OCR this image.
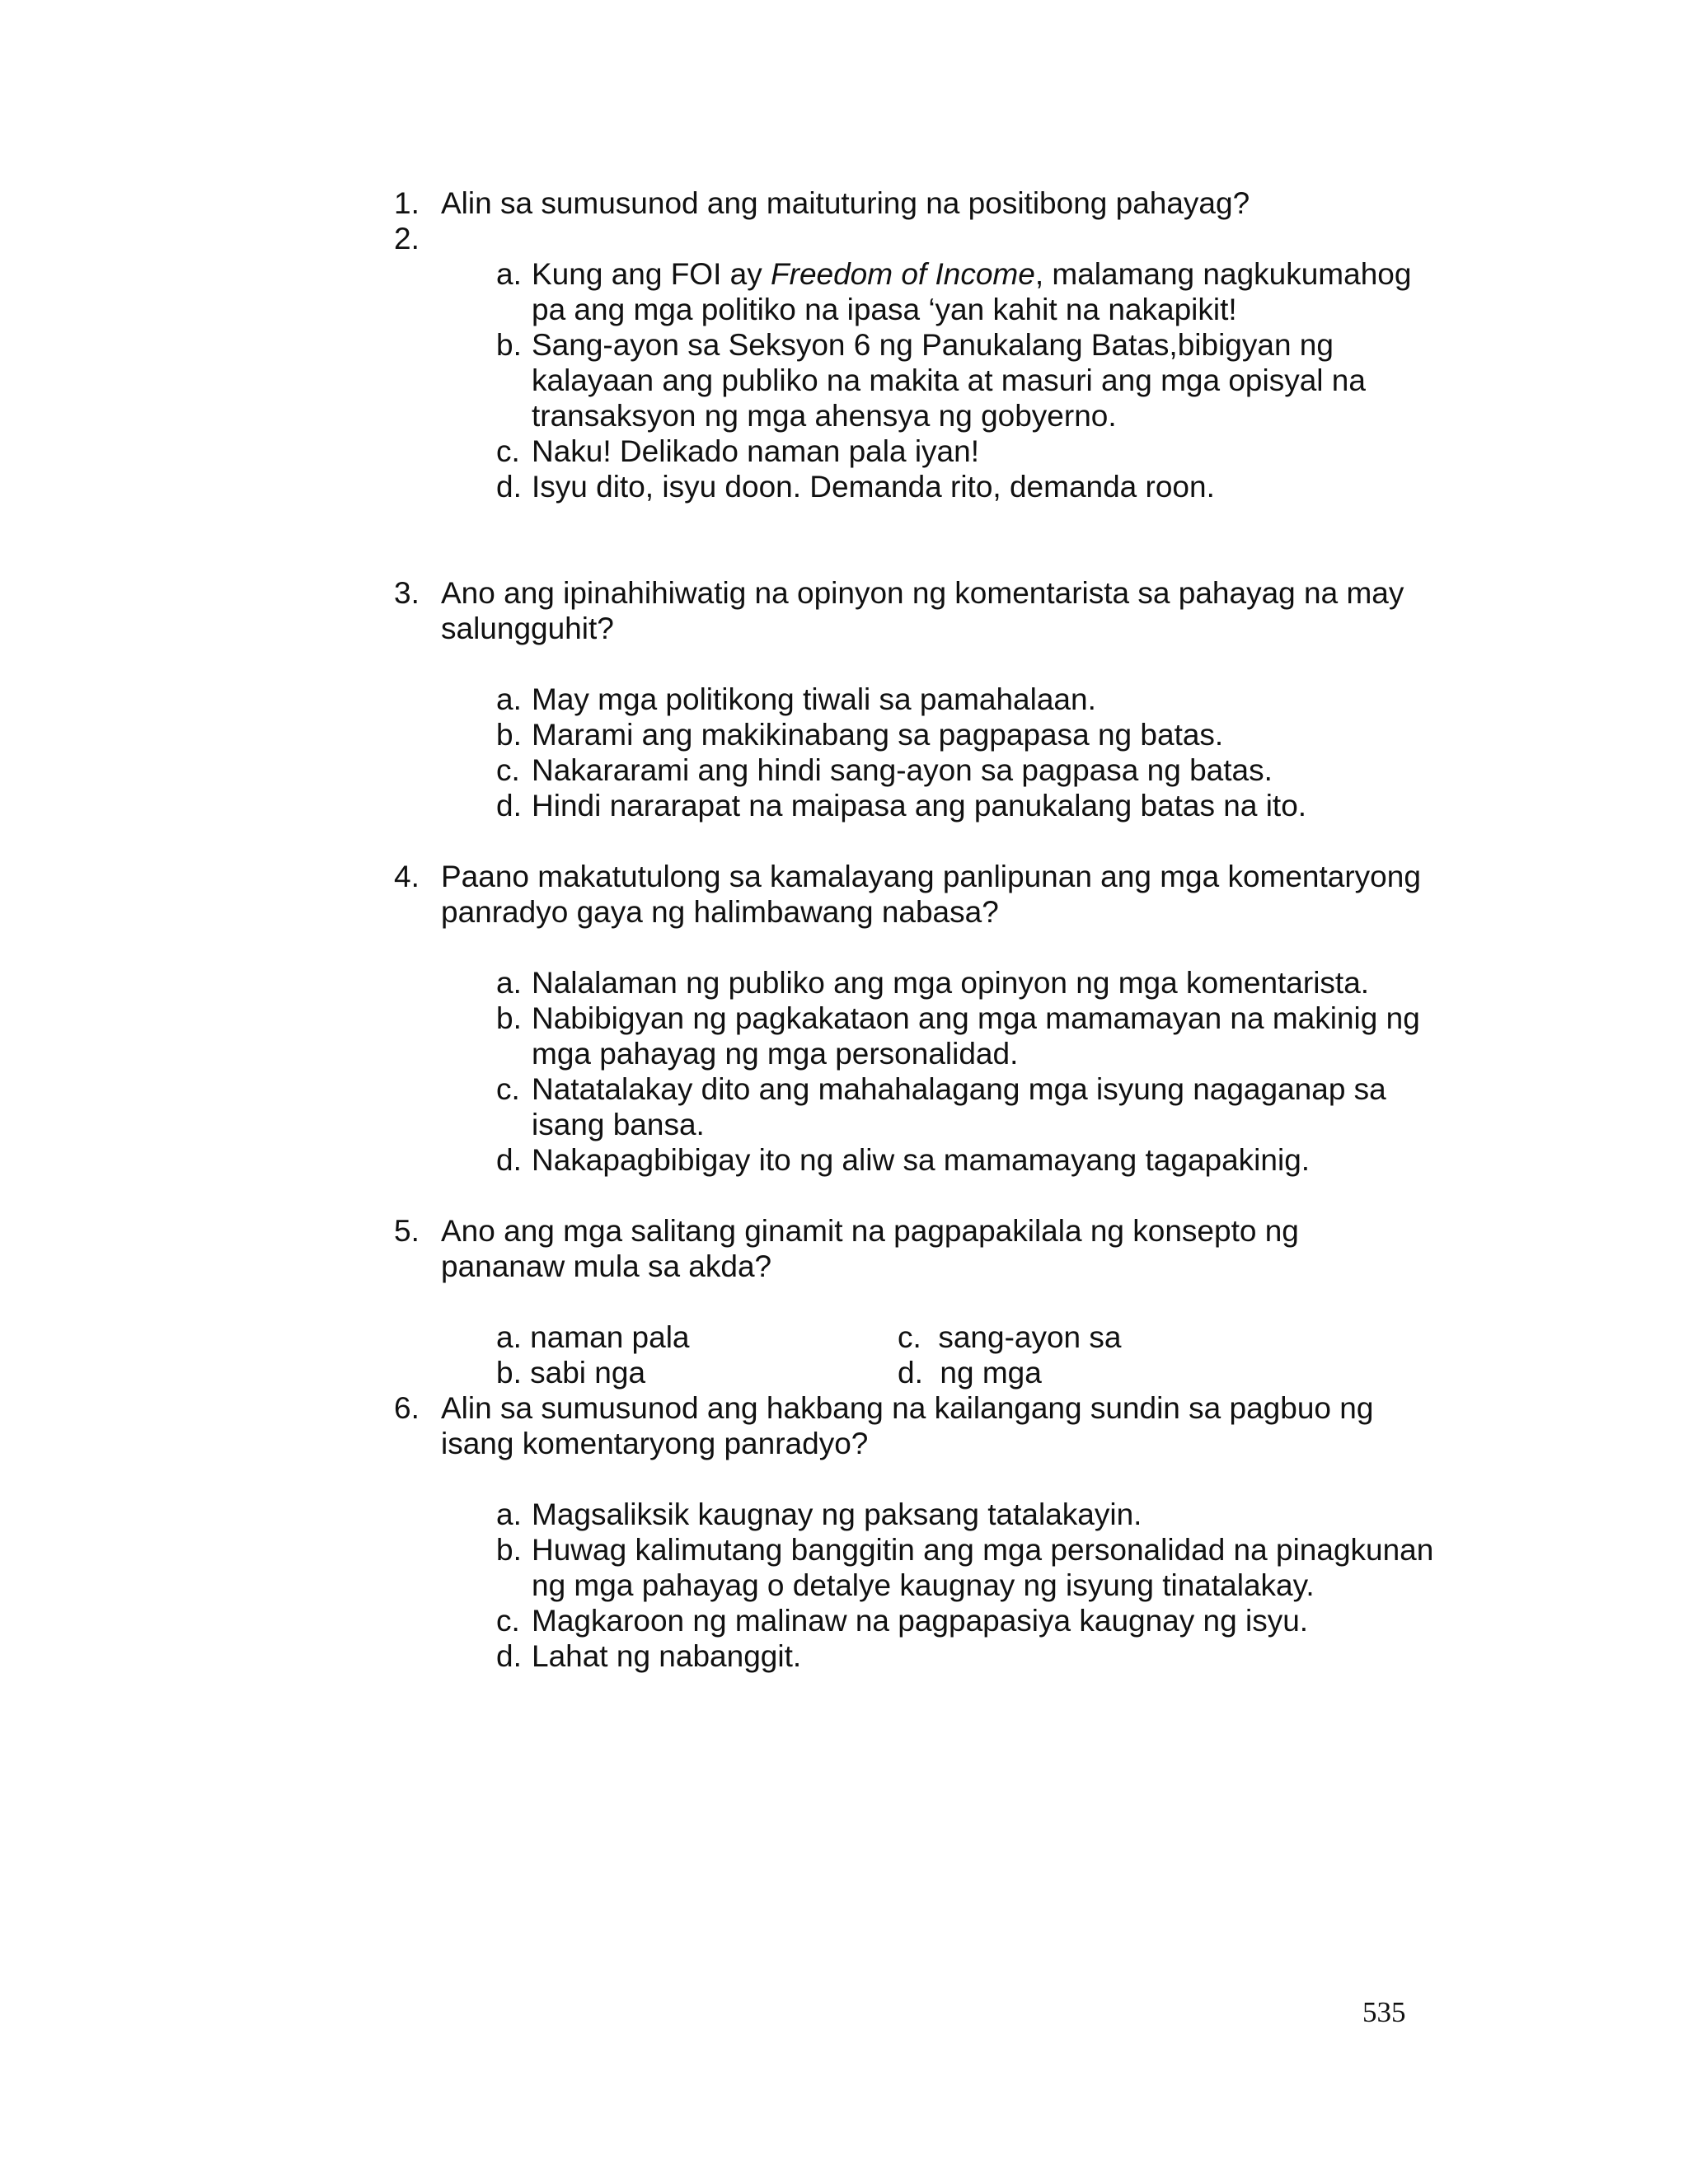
1. Alin sa sumusunod ang maituturing na positibong pahayag?
2.
a. Kung ang FOI ay Freedom of Income, malamang nagkukumahog pa ang mga politiko na ipasa ‘yan kahit na nakapikit!
b. Sang-ayon sa Seksyon 6 ng Panukalang Batas,bibigyan ng kalayaan ang publiko na makita at masuri ang mga opisyal na transaksyon ng mga ahensya ng gobyerno.
c. Naku! Delikado naman pala iyan!
d. Isyu dito, isyu doon. Demanda rito, demanda roon.
3. Ano ang ipinahihiwatig na opinyon ng komentarista sa pahayag na may salungguhit?
a. May mga politikong tiwali sa pamahalaan.
b. Marami ang makikinabang sa pagpapasa ng batas.
c. Nakararami ang hindi sang-ayon sa pagpasa ng batas.
d. Hindi nararapat na maipasa ang panukalang batas na ito.
4. Paano makatutulong sa kamalayang panlipunan ang mga komentaryong panradyo gaya ng halimbawang nabasa?
a. Nalalaman ng publiko ang mga opinyon ng mga komentarista.
b. Nabibigyan ng pagkakataon ang mga mamamayan na makinig ng mga pahayag ng mga personalidad.
c. Natatalakay dito ang mahahalagang mga isyung nagaganap sa isang bansa.
d. Nakapagbibigay ito ng aliw sa mamamayang tagapakinig.
5. Ano ang mga salitang ginamit na pagpapakilala ng konsepto ng pananaw mula sa akda?
a. naman pala
b. sabi nga
c. sang-ayon sa
d. ng mga
6. Alin sa sumusunod ang hakbang na kailangang sundin sa pagbuo ng isang komentaryong panradyo?
a. Magsaliksik kaugnay ng paksang tatalakayin.
b. Huwag kalimutang banggitin ang mga personalidad na pinagkunan ng mga pahayag o detalye kaugnay ng isyung tinatalakay.
c. Magkaroon ng malinaw na pagpapasiya kaugnay ng isyu.
d. Lahat ng nabanggit.
535
